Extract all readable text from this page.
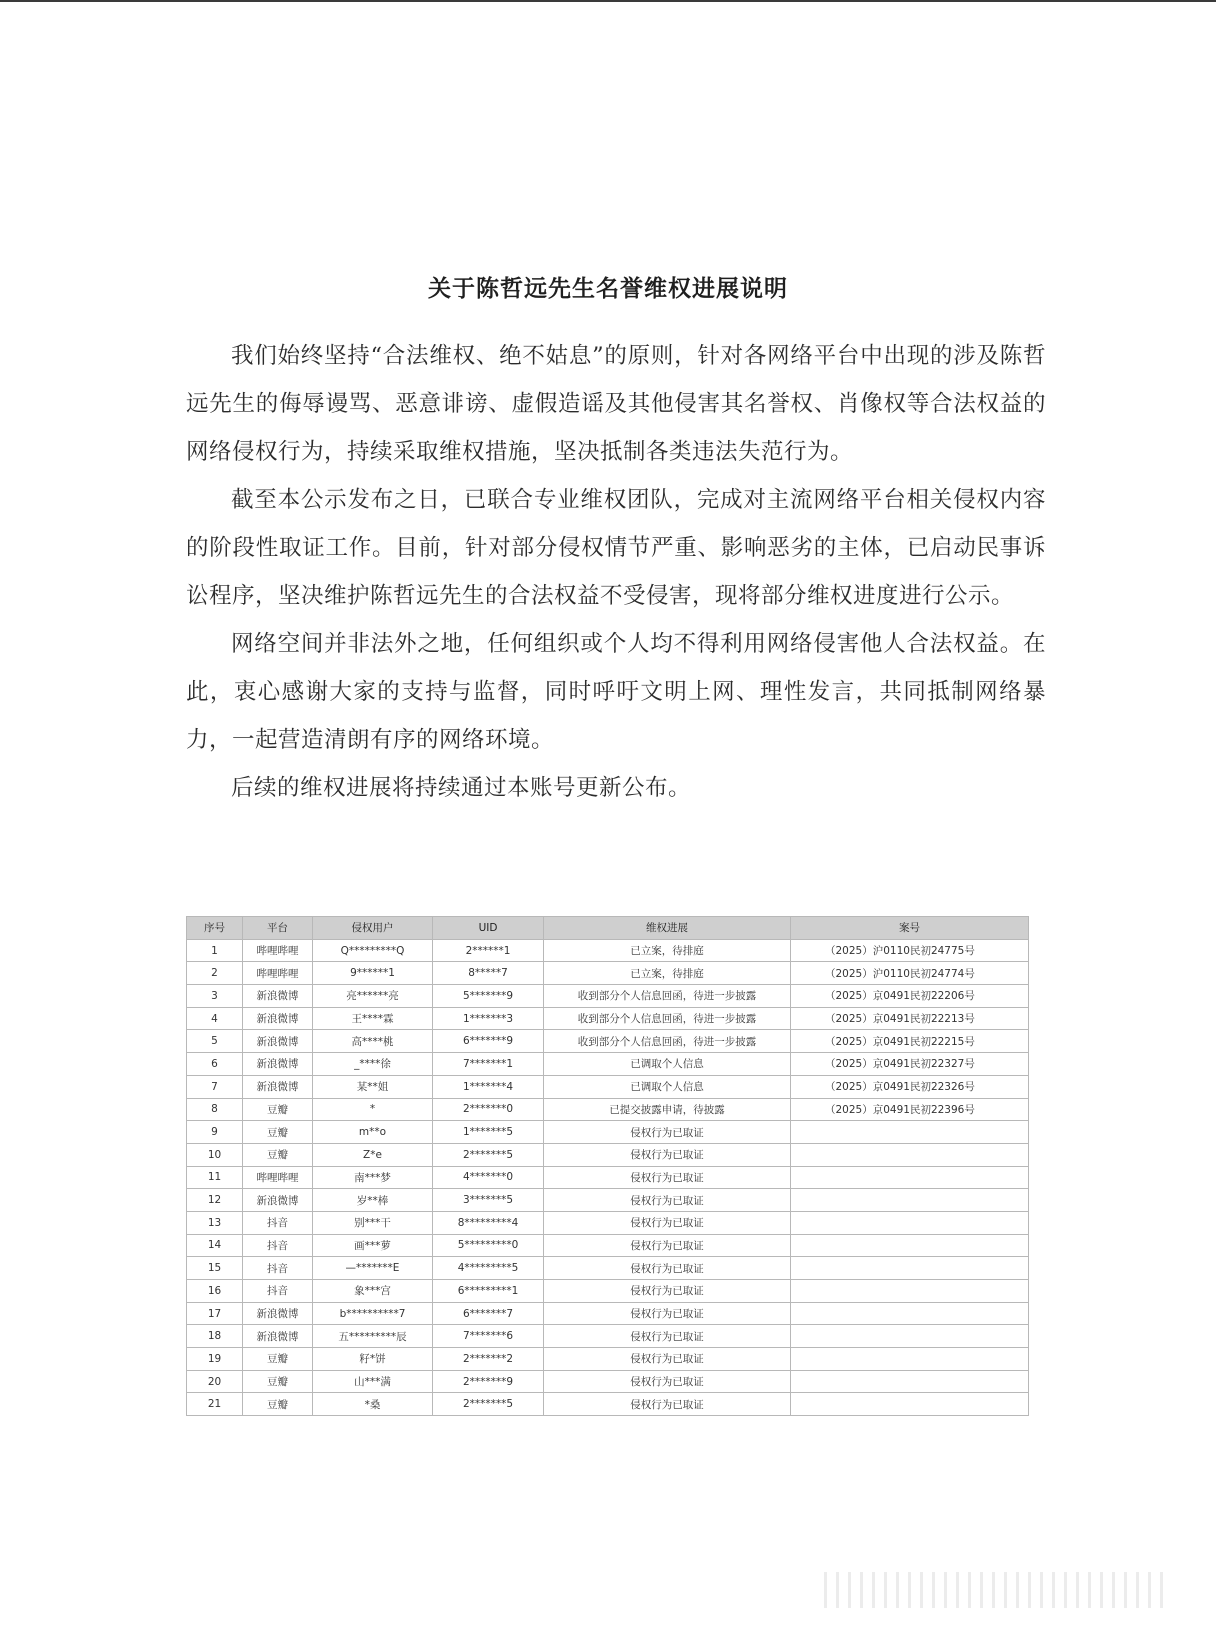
关于陈哲远先生名誉维权进展说明

我们始终坚持“合法维权、绝不姑息”的原则，针对各网络平台中出现的涉及陈哲远先生的侮辱谩骂、恶意诽谤、虚假造谣及其他侵害其名誉权、肖像权等合法权益的网络侵权行为，持续采取维权措施，坚决抵制各类违法失范行为。

截至本公示发布之日，已联合专业维权团队，完成对主流网络平台相关侵权内容的阶段性取证工作。目前，针对部分侵权情节严重、影响恶劣的主体，已启动民事诉讼程序，坚决维护陈哲远先生的合法权益不受侵害，现将部分维权进度进行公示。

网络空间并非法外之地，任何组织或个人均不得利用网络侵害他人合法权益。在此，衷心感谢大家的支持与监督，同时呼吁文明上网、理性发言，共同抵制网络暴力，一起营造清朗有序的网络环境。

后续的维权进展将持续通过本账号更新公布。

序号	平台	侵权用户	UID	维权进展	案号
1	哔哩哔哩	Q*********Q	2******1	已立案，待排庭	（2025）沪0110民初24775号
2	哔哩哔哩	9******1	8*****7	已立案，待排庭	（2025）沪0110民初24774号
3	新浪微博	亮******亮	5*******9	收到部分个人信息回函，待进一步披露	（2025）京0491民初22206号
4	新浪微博	王****霖	1*******3	收到部分个人信息回函，待进一步披露	（2025）京0491民初22213号
5	新浪微博	高****桃	6*******9	收到部分个人信息回函，待进一步披露	（2025）京0491民初22215号
6	新浪微博	_****徐	7*******1	已调取个人信息	（2025）京0491民初22327号
7	新浪微博	某**姐	1*******4	已调取个人信息	（2025）京0491民初22326号
8	豆瓣	*	2*******0	已提交披露申请，待披露	（2025）京0491民初22396号
9	豆瓣	m**o	1*******5	侵权行为已取证	
10	豆瓣	Z*e	2*******5	侵权行为已取证	
11	哔哩哔哩	南***梦	4*******0	侵权行为已取证	
12	新浪微博	岁**棒	3*******5	侵权行为已取证	
13	抖音	别***干	8*********4	侵权行为已取证	
14	抖音	画***萝	5*********0	侵权行为已取证	
15	抖音	—*******E	4*********5	侵权行为已取证	
16	抖音	象***宫	6*********1	侵权行为已取证	
17	新浪微博	b**********7	6*******7	侵权行为已取证	
18	新浪微博	五*********辰	7*******6	侵权行为已取证	
19	豆瓣	籽*饼	2*******2	侵权行为已取证	
20	豆瓣	山***满	2*******9	侵权行为已取证	
21	豆瓣	*桑	2*******5	侵权行为已取证	
